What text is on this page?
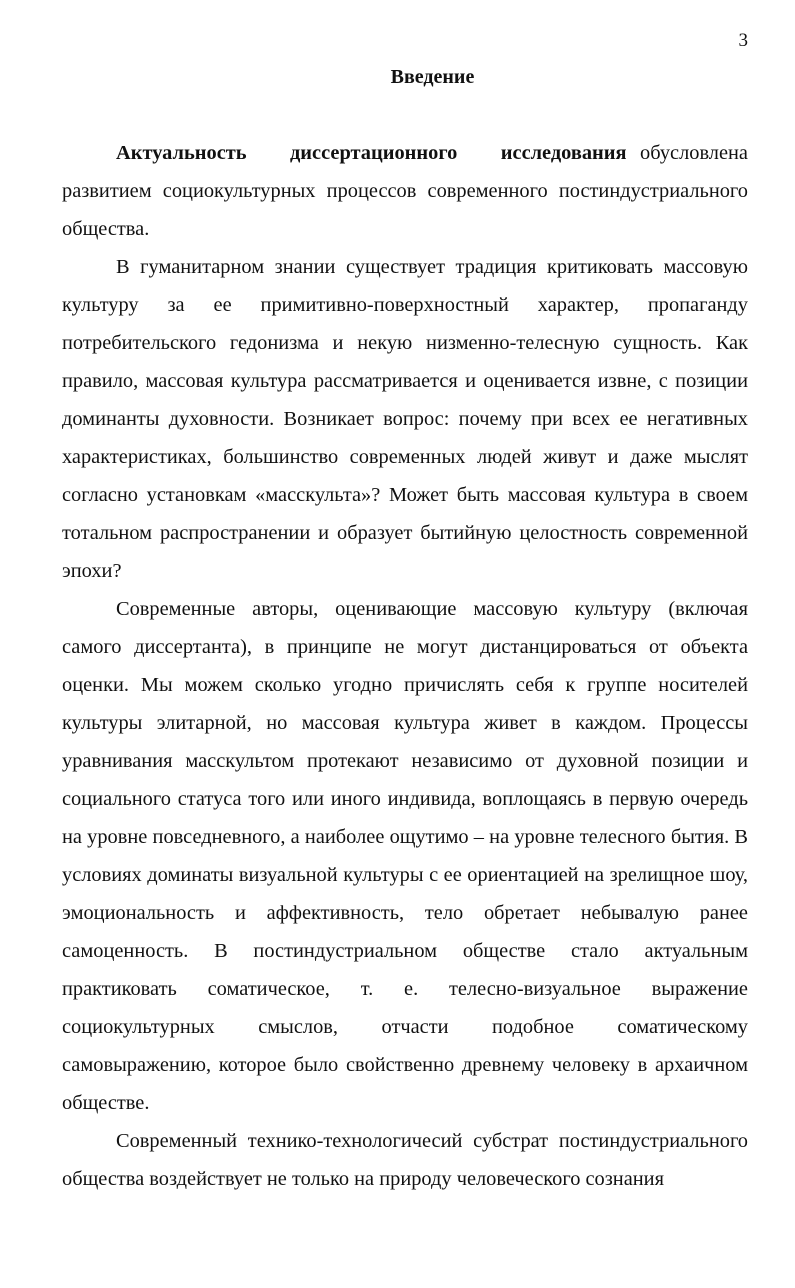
3
Введение

Актуальность диссертационного исследования обусловлена развитием социокультурных процессов современного постиндустриального общества.

В гуманитарном знании существует традиция критиковать массовую культуру за ее примитивно-поверхностный характер, пропаганду потребительского гедонизма и некую низменно-телесную сущность. Как правило, массовая культура рассматривается и оценивается извне, с позиции доминанты духовности. Возникает вопрос: почему при всех ее негативных характеристиках, большинство современных людей живут и даже мыслят согласно установкам «масскульта»? Может быть массовая культура в своем тотальном распространении и образует бытийную целостность современной эпохи?

Современные авторы, оценивающие массовую культуру (включая самого диссертанта), в принципе не могут дистанцироваться от объекта оценки. Мы можем сколько угодно причислять себя к группе носителей культуры элитарной, но массовая культура живет в каждом. Процессы уравнивания масскультом протекают независимо от духовной позиции и социального статуса того или иного индивида, воплощаясь в первую очередь на уровне повседневного, а наиболее ощутимо – на уровне телесного бытия. В условиях доминаты визуальной культуры с ее ориентацией на зрелищное шоу, эмоциональность и аффективность, тело обретает небывалую ранее самоценность. В постиндустриальном обществе стало актуальным практиковать соматическое, т. е. телесно-визуальное выражение социокультурных смыслов, отчасти подобное соматическому самовыражению, которое было свойственно древнему человеку в архаичном обществе.

Современный технико-технологичесий субстрат постиндустриального общества воздействует не только на природу человеческого сознания
